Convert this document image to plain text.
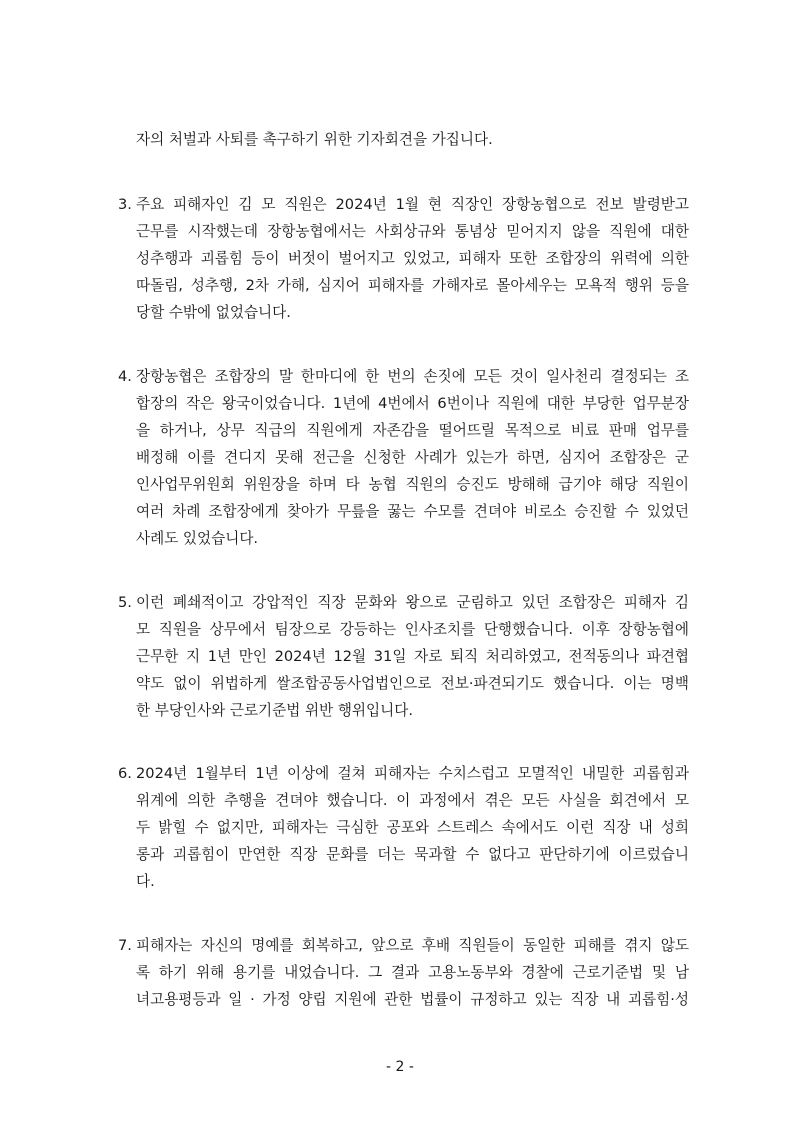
자의 처벌과 사퇴를 촉구하기 위한 기자회견을 가집니다.
3. 주요 피해자인 김 모 직원은 2024년 1월 현 직장인 장항농협으로 전보 발령받고
근무를 시작했는데 장항농협에서는 사회상규와 통념상 믿어지지 않을 직원에 대한
성추행과 괴롭힘 등이 버젓이 벌어지고 있었고, 피해자 또한 조합장의 위력에 의한
따돌림, 성추행, 2차 가해, 심지어 피해자를 가해자로 몰아세우는 모욕적 행위 등을
당할 수밖에 없었습니다.
4. 장항농협은 조합장의 말 한마디에 한 번의 손짓에 모든 것이 일사천리 결정되는 조
합장의 작은 왕국이었습니다. 1년에 4번에서 6번이나 직원에 대한 부당한 업무분장
을 하거나, 상무 직급의 직원에게 자존감을 떨어뜨릴 목적으로 비료 판매 업무를
배정해 이를 견디지 못해 전근을 신청한 사례가 있는가 하면, 심지어 조합장은 군
인사업무위원회 위원장을 하며 타 농협 직원의 승진도 방해해 급기야 해당 직원이
여러 차례 조합장에게 찾아가 무릎을 꿇는 수모를 견뎌야 비로소 승진할 수 있었던
사례도 있었습니다.
5. 이런 폐쇄적이고 강압적인 직장 문화와 왕으로 군림하고 있던 조합장은 피해자 김
모 직원을 상무에서 팀장으로 강등하는 인사조치를 단행했습니다. 이후 장항농협에
근무한 지 1년 만인 2024년 12월 31일 자로 퇴직 처리하였고, 전적동의나 파견협
약도 없이 위법하게 쌀조합공동사업법인으로 전보·파견되기도 했습니다. 이는 명백
한 부당인사와 근로기준법 위반 행위입니다.
6. 2024년 1월부터 1년 이상에 걸쳐 피해자는 수치스럽고 모멸적인 내밀한 괴롭힘과
위계에 의한 추행을 견뎌야 했습니다. 이 과정에서 겪은 모든 사실을 회견에서 모
두 밝힐 수 없지만, 피해자는 극심한 공포와 스트레스 속에서도 이런 직장 내 성희
롱과 괴롭힘이 만연한 직장 문화를 더는 묵과할 수 없다고 판단하기에 이르렀습니
다.
7. 피해자는 자신의 명예를 회복하고, 앞으로 후배 직원들이 동일한 피해를 겪지 않도
록 하기 위해 용기를 내었습니다. 그 결과 고용노동부와 경찰에 근로기준법 및 남
녀고용평등과 일 · 가정 양립 지원에 관한 법률이 규정하고 있는 직장 내 괴롭힘·성
- 2 -
